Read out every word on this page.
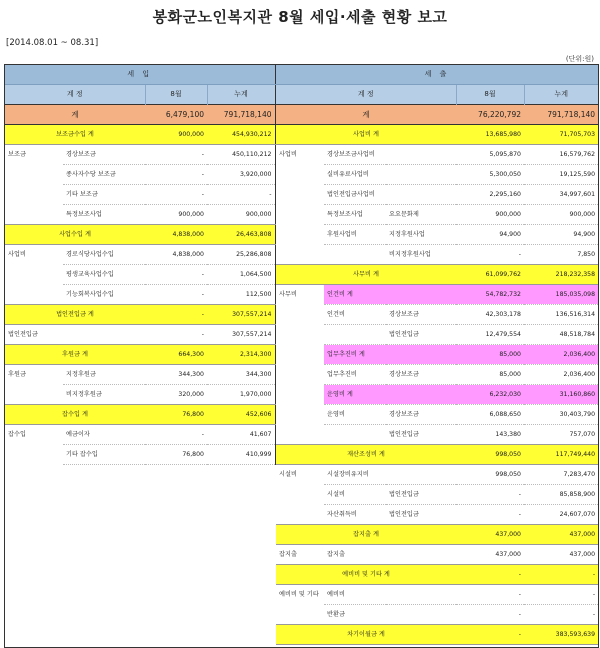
봉화군노인복지관 8월 세입·세출 현황 보고
[2014.08.01 ~ 08.31]
(단위:원)
세 입			
계 정		8월	누계
계		6,479,100	791,718,140
보조금수입 계		900,000	454,930,212
보조금	경상보조금	-	450,110,212
	종사자수당 보조금	-	3,920,000
	기타 보조금	-	-
	특정보조사업	900,000	900,000
사업수입 계		4,838,000	26,463,808
사업비	경로식당사업수입	4,838,000	25,286,808
	평생교육사업수입	-	1,064,500
	기능회복사업수입	-	112,500
법인전입금 계		-	307,557,214
법인전입금		-	307,557,214
후원금 계		664,300	2,314,300
후원금	지정후원금	344,300	344,300
	비지정후원금	320,000	1,970,000
잡수입 계		76,800	452,606
잡수입	예금이자	-	41,607
	기타 잡수입	76,800	410,999
세 출				
계 정			8월	누계
계			76,220,792	791,718,140
사업비 계			13,685,980	71,705,703
사업비	경상보조금사업비		5,095,870	16,579,762
	실비유료사업비		5,300,050	19,125,590
	법인전입금사업비		2,295,160	34,997,601
	특정보조사업	요요문화제	900,000	900,000
	후원사업비	지정후원사업	94,900	94,900
		비지정후원사업	-	7,850
사무비 계			61,099,762	218,232,358
사무비	인건비 계		54,782,732	185,035,098
	인건비	경상보조금	42,303,178	136,516,314
		법인전입금	12,479,554	48,518,784
	업무추진비 계		85,000	2,036,400
	업무추진비	경상보조금	85,000	2,036,400
	운영비 계		6,232,030	31,160,860
	운영비	경상보조금	6,088,650	30,403,790
		법인전입금	143,380	757,070
재산조성비 계			998,050	117,749,440
시설비	시설장비유지비		998,050	7,283,470
	시설비	법인전입금	-	85,858,900
	자산취득비	법인전입금	-	24,607,070
잡지출 계			437,000	437,000
잡지출	잡지출		437,000	437,000
예비비 및 기타 계			-	-
예비비 및 기타	예비비		-	-
	반환금		-	-
차기이월금 계			-	383,593,639
